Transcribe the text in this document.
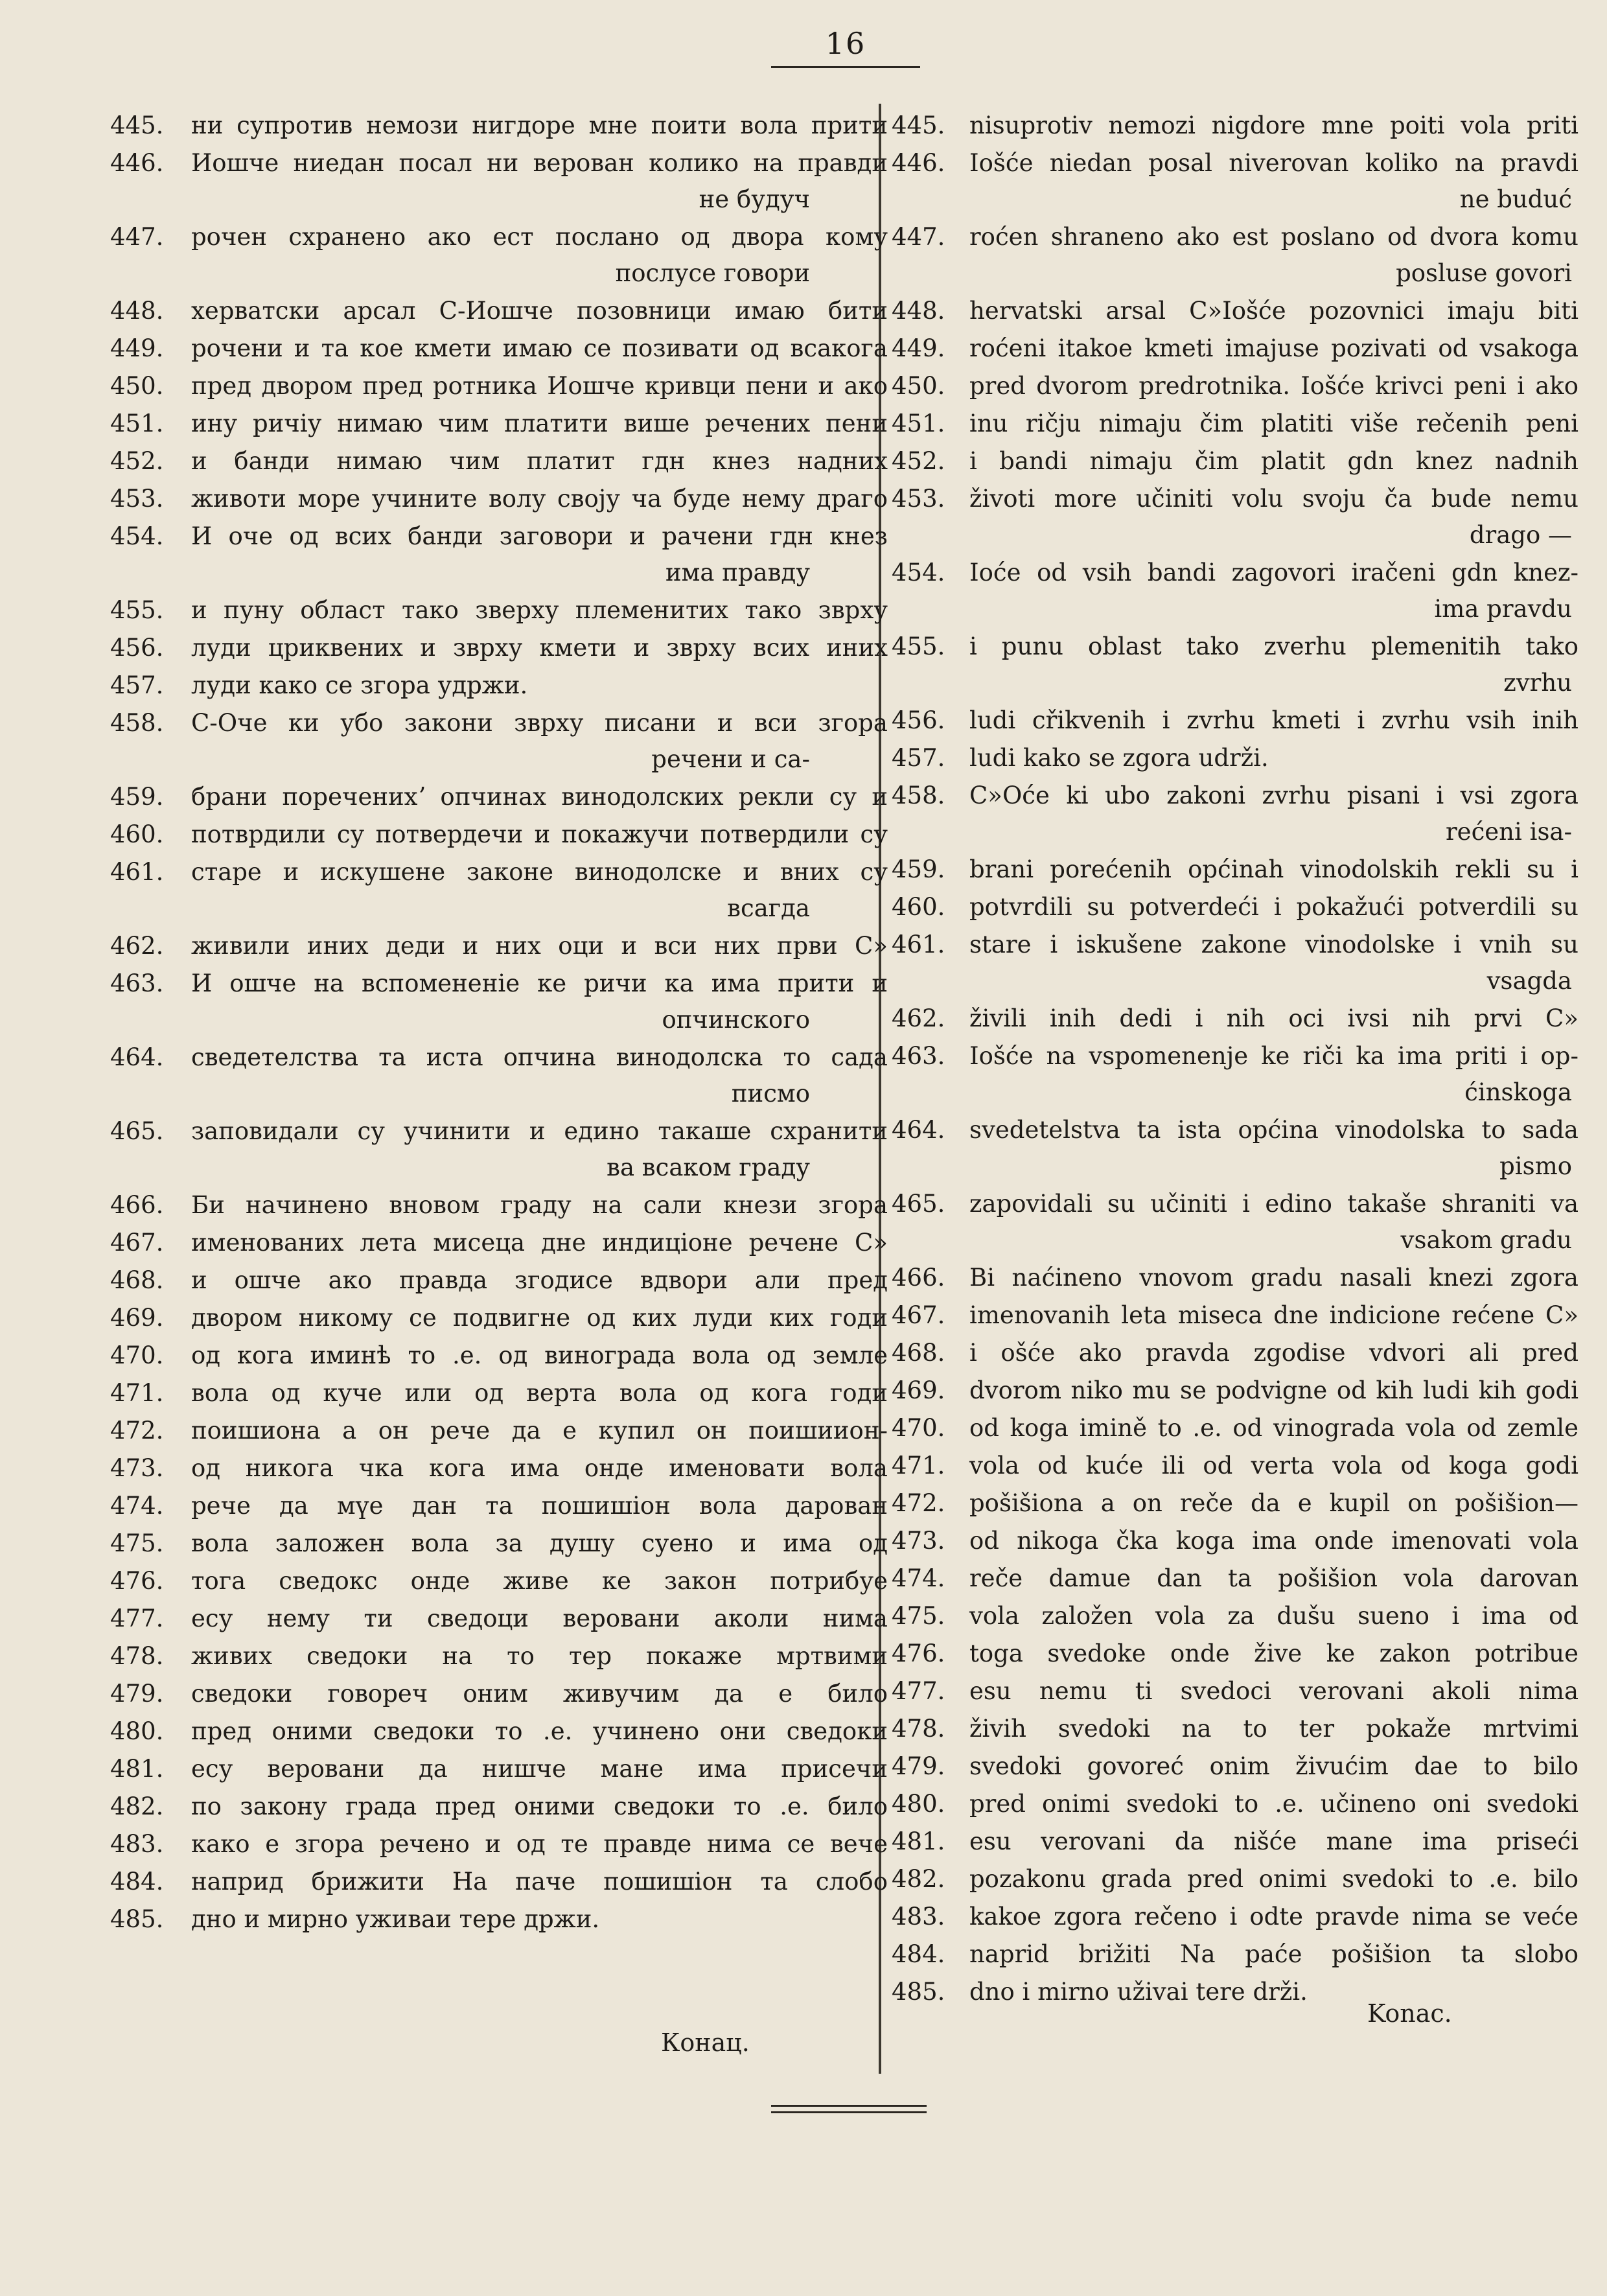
16
445. ни супротив немози нигдоре мне поити вола прити
446. Иошче ниедан посал ни верован колико на правди
не будуч
447. рочен схранено ако ест послано од двора кому
послусе говори
448. херватски арсал С-Иошче позовници имаю бити
449. рочени и та кое кмети имаю се позивати од всакога
450. пред двором пред ротника Иошче кривци пени и ако
451. ину ричіу нимаю чим платити више речених пени
452. и банди нимаю чим платит гдн кнез надних
453. животи море учините волу своју ча буде нему драго
454. И оче од всих банди заговори и рачени гдн кнез
има правду
455. и пуну област тако зверху племенитих тако зврху
456. луди цриквених и зврху кмети и зврху всих иних
457. луди како се згора удржи.
458. С-Оче ки убо закони зврху писани и вси згора
речени и са-
459. брани пореченихʼ опчинах винодолских рекли су и
460. потврдили су потвердечи и покажучи потвердили су
461. старе и искушене законе винодолске и вних су
всагда
462. живили иних деди и них оци и вси них први С»
463. И ошче на вспомененіе ке ричи ка има прити и
опчинского
464. сведетелства та иста опчина винодолска то сада
писмо
465. заповидали су учинити и едино такаше схранити
ва всаком граду
466. Би начинено вновом граду на сали кнези згора
467. именованих лета мисеца дне индиціоне речене С»
468. и ошче ако правда згодисе вдвори али пред
469. двором никому се подвигне од ких луди ких годи
470. од кога иминѣ то .е. од винограда вола од земле
471. вола од куче или од верта вола од кога годи
472. поишиона а он рече да е купил он поишиион-
473. од никога чка кога има онде именовати вола
474. рече да мүе дан та пошишіон вола дарован
475. вола заложен вола за душу суено и има од
476. тога сведокс онде живе ке закон потрибуе
477. есу нему ти сведоци веровани аколи нима
478. живих сведоки на то тер покаже мртвими
479. сведоки говореч оним живучим да е било
480. пред оними сведоки то .е. учинено они сведоки
481. есу веровани да нишче мане има присечи
482. по закону града пред оними сведоки то .е. било
483. како е згора речено и од те правде нима се вече
484. наприд брижити На паче пошишіон та слобо
485. дно и мирно уживаи тере држи.
445. nisuprotiv nemozi nigdore mne poiti vola priti
446. Iošće niedan posal niverovan koliko na pravdi
ne buduć
447. roćen shraneno ako est poslano od dvora komu
posluse govori
448. hervatski arsal C»Iošće pozovnici imaju biti
449. roćeni itakoe kmeti imajuse pozivati od vsakoga
450. pred dvorom predrotnika. Iošće krivci peni i ako
451. inu ričju nimaju čim platiti više rečenih peni
452. i bandi nimaju čim platit gdn knez nadnih
453. životi more učiniti volu svoju ča bude nemu
drago —
454. Ioće od vsih bandi zagovori iračeni gdn knez-
ima pravdu
455. i punu oblast tako zverhu plemenitih tako
zvrhu
456. ludi cřikvenih i zvrhu kmeti i zvrhu vsih inih
457. ludi kako se zgora udrži.
458. C»Oće ki ubo zakoni zvrhu pisani i vsi zgora
rećeni isa-
459. brani porećenih općinah vinodolskih rekli su i
460. potvrdili su potverdeći i pokažući potverdili su
461. stare i iskušene zakone vinodolske i vnih su
vsagda
462. živili inih dedi i nih oci ivsi nih prvi C»
463. Iošće na vspomenenje ke riči ka ima priti i op-
ćinskoga
464. svedetelstva ta ista općina vinodolska to sada
pismo
465. zapovidali su učiniti i edino takaše shraniti va
vsakom gradu
466. Bi naćineno vnovom gradu nasali knezi zgora
467. imenovanih leta miseca dne indicione rećene C»
468. i ošće ako pravda zgodise vdvori ali pred
469. dvorom niko mu se podvigne od kih ludi kih godi
470. od koga imině to .e. od vinograda vola od zemle
471. vola od kuće ili od verta vola od koga godi
472. pošišiona a on reče da e kupil on pošišion—
473. od nikoga čka koga ima onde imenovati vola
474. reče damue dan ta pošišion vola darovan
475. vola založen vola za dušu sueno i ima od
476. toga svedoke onde žive ke zakon potribue
477. esu nemu ti svedoci verovani akoli nima
478. živih svedoki na to ter pokaže mrtvimi
479. svedoki govoreć onim živućim dae to bilo
480. pred onimi svedoki to .e. učineno oni svedoki
481. esu verovani da nišće mane ima priseći
482. pozakonu grada pred onimi svedoki to .e. bilo
483. kakoe zgora rečeno i odte pravde nima se veće
484. naprid brižiti Na paće pošišion ta slobo
485. dno i mirno uživai tere drži.
Конац.
Konac.
